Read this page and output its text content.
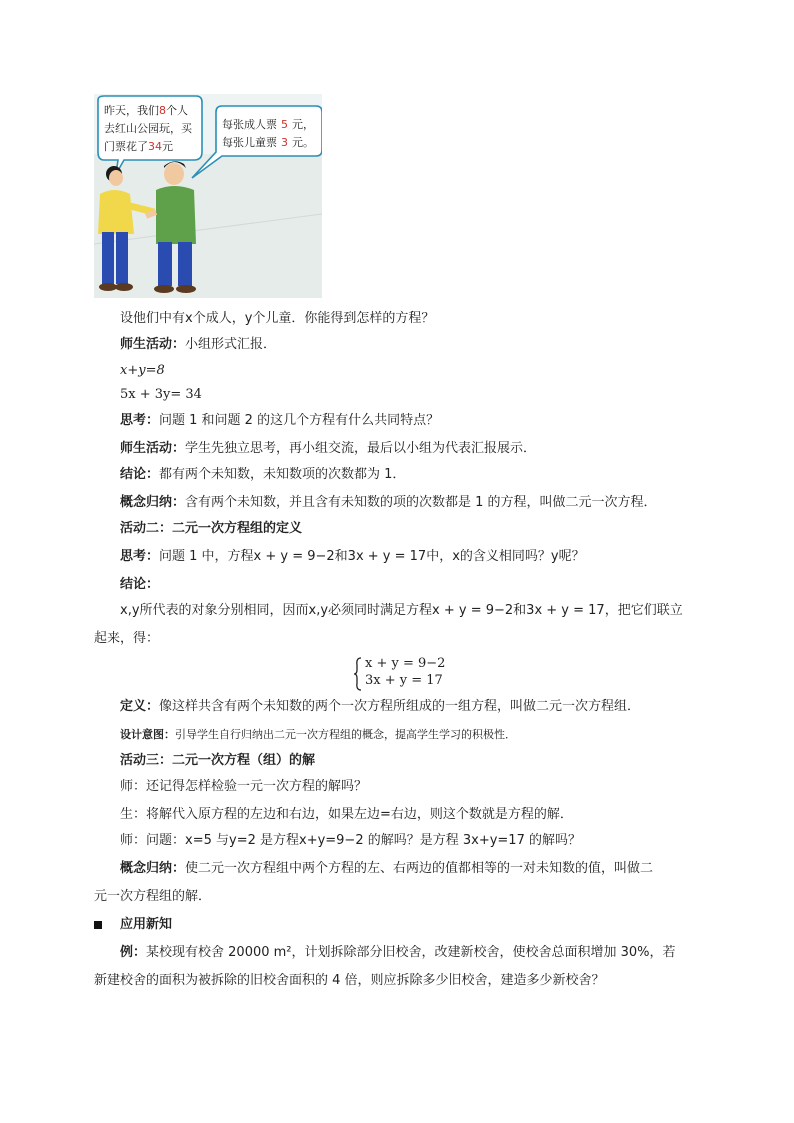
昨天，我们8个人
去红山公园玩，买
门票花了34元
每张成人票 5 元，
每张儿童票 3 元。
设他们中有x个成人，y个儿童．你能得到怎样的方程？
师生活动：小组形式汇报．
x+y=8
5x + 3y= 34
思考：问题 1 和问题 2 的这几个方程有什么共同特点？
师生活动：学生先独立思考，再小组交流，最后以小组为代表汇报展示．
结论：都有两个未知数，未知数项的次数都为 1．
概念归纳：含有两个未知数，并且含有未知数的项的次数都是 1 的方程，叫做二元一次方程．
活动二：二元一次方程组的定义
思考：问题 1 中，方程x + y = 9−2和3x + y = 17中，x的含义相同吗？y呢？
结论：
x,y所代表的对象分别相同，因而x,y必须同时满足方程x + y = 9−2和3x + y = 17，把它们联立
起来，得：
x + y = 9−2
3x + y = 17
定义：像这样共含有两个未知数的两个一次方程所组成的一组方程，叫做二元一次方程组．
设计意图：引导学生自行归纳出二元一次方程组的概念，提高学生学习的积极性．
活动三：二元一次方程（组）的解
师：还记得怎样检验一元一次方程的解吗？
生：将解代入原方程的左边和右边，如果左边=右边，则这个数就是方程的解．
师：问题：x=5 与y=2 是方程x+y=9−2 的解吗？是方程 3x+y=17 的解吗？
概念归纳：使二元一次方程组中两个方程的左、右两边的值都相等的一对未知数的值，叫做二
元一次方程组的解．
应用新知
例：某校现有校舍 20000 m²，计划拆除部分旧校舍，改建新校舍，使校舍总面积增加 30%，若
新建校舍的面积为被拆除的旧校舍面积的 4 倍，则应拆除多少旧校舍，建造多少新校舍？
